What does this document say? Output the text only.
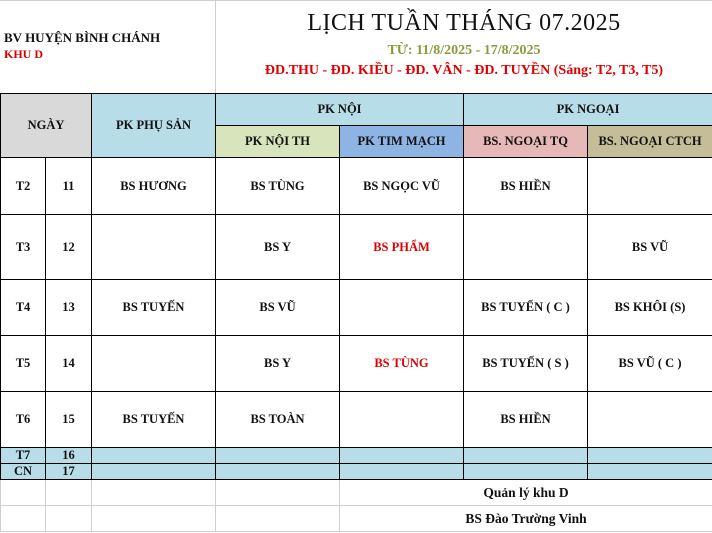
BV HUYỆN BÌNH CHÁNH
KHU D
LỊCH TUẦN THÁNG 07.2025
TỪ: 11/8/2025 - 17/8/2025
ĐD.THU - ĐD. KIỀU - ĐD. VÂN - ĐD. TUYỀN (Sáng: T2, T3, T5)
NGÀY		PK PHỤ SẢN	PK NỘI		PK NGOẠI	
			PK NỘI TH	PK TIM MẠCH	BS. NGOẠI TQ	BS. NGOẠI CTCH
T2	11	BS HƯƠNG	BS TÙNG	BS NGỌC VŨ	BS HIỀN	
T3	12		BS Y	BS PHẨM		BS VŨ
T4	13	BS TUYẾN	BS VŨ		BS TUYẾN ( C )	BS KHÔI (S)
T5	14		BS Y	BS TÙNG	BS TUYẾN ( S )	BS VŨ ( C )
T6	15	BS TUYẾN	BS TOÀN		BS HIỀN	
T7	16					
CN	17					
				Quản lý khu D		
				BS Đào Trường Vinh		
